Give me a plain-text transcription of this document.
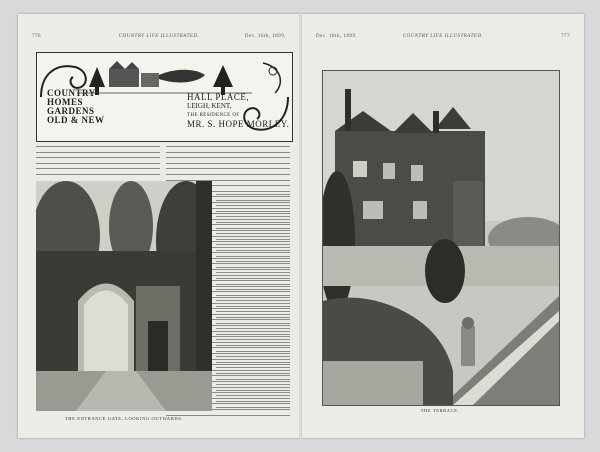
776	COUNTRY LIFE ILLUSTRATED.	Dec. 16th, 1899.
COUNTRY
HOMES
GARDENS
OLD & NEW
HALL PLACE,
LEIGH, KENT,
THE RESIDENCE OF
MR. S. HOPE MORLEY.
THE ENTRANCE GATE, LOOKING OUTWARDS.
Dec. 16th, 1899.	COUNTRY LIFE ILLUSTRATED.	777
THE TERRACE.
